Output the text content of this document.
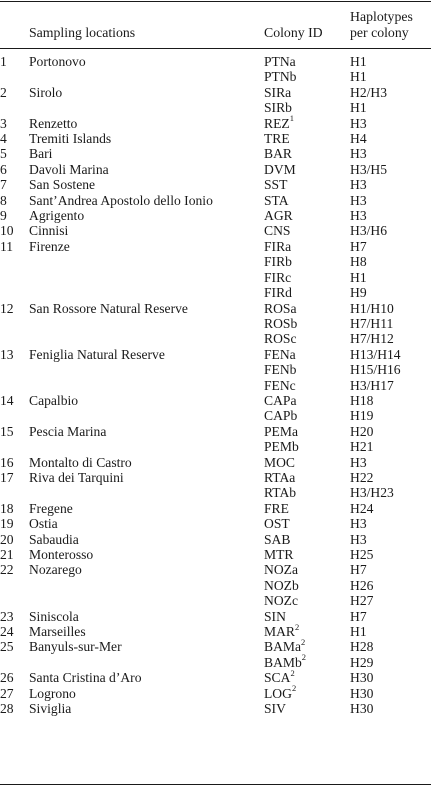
	Sampling locations	Colony ID	Haplotypes
per colony
1	Portonovo	PTNa	H1
		PTNb	H1
2	Sirolo	SIRa	H2/H3
		SIRb	H1
3	Renzetto	REZ$^1$	H3
4	Tremiti Islands	TRE	H4
5	Bari	BAR	H3
6	Davoli Marina	DVM	H3/H5
7	San Sostene	SST	H3
8	Sant’Andrea Apostolo dello Ionio	STA	H3
9	Agrigento	AGR	H3
10	Cinnisi	CNS	H3/H6
11	Firenze	FIRa	H7
		FIRb	H8
		FIRc	H1
		FIRd	H9
12	San Rossore Natural Reserve	ROSa	H1/H10
		ROSb	H7/H11
		ROSc	H7/H12
13	Feniglia Natural Reserve	FENa	H13/H14
		FENb	H15/H16
		FENc	H3/H17
14	Capalbio	CAPa	H18
		CAPb	H19
15	Pescia Marina	PEMa	H20
		PEMb	H21
16	Montalto di Castro	MOC	H3
17	Riva dei Tarquini	RTAa	H22
		RTAb	H3/H23
18	Fregene	FRE	H24
19	Ostia	OST	H3
20	Sabaudia	SAB	H3
21	Monterosso	MTR	H25
22	Nozarego	NOZa	H7
		NOZb	H26
		NOZc	H27
23	Siniscola	SIN	H7
24	Marseilles	MAR$^2$	H1
25	Banyuls-sur-Mer	BAMa$^2$	H28
		BAMb$^2$	H29
26	Santa Cristina d’Aro	SCA$^2$	H30
27	Logrono	LOG$^2$	H30
28	Siviglia	SIV	H30
